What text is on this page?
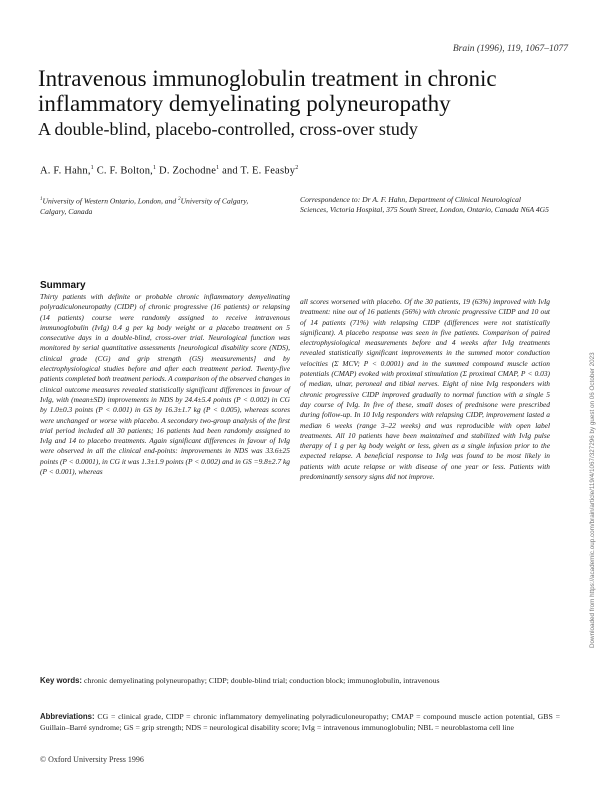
Brain (1996), 119, 1067–1077
Intravenous immunoglobulin treatment in chronic inflammatory demyelinating polyneuropathy
A double-blind, placebo-controlled, cross-over study
A. F. Hahn,$^1$ C. F. Bolton,$^1$ D. Zochodne$^1$ and T. E. Feasby$^2$
$^1$University of Western Ontario, London, and $^2$University of Calgary, Calgary, Canada
Correspondence to: Dr A. F. Hahn, Department of Clinical Neurological Sciences, Victoria Hospital, 375 South Street, London, Ontario, Canada N6A 4G5
Downloaded from https://academic.oup.com/brain/article/119/4/1067/327296 by guest on 06 October 2023
Summary

Thirty patients with definite or probable chronic inflammatory demyelinating polyradiculoneuropathy (CIDP) of chronic progressive (16 patients) or relapsing (14 patients) course were randomly assigned to receive intravenous immunoglobulin (IvIg) 0.4 g per kg body weight or a placebo treatment on 5 consecutive days in a double-blind, cross-over trial. Neurological function was monitored by serial quantitative assessments [neurological disability score (NDS), clinical grade (CG) and grip strength (GS) measurements] and by electrophysiological studies before and after each treatment period. Twenty-five patients completed both treatment periods. A comparison of the observed changes in clinical outcome measures revealed statistically significant differences in favour of IvIg, with (mean±SD) improvements in NDS by 24.4±5.4 points (P < 0.002) in CG by 1.0±0.3 points (P < 0.001) in GS by 16.3±1.7 kg (P < 0.005), whereas scores were unchanged or worse with placebo. A secondary two-group analysis of the first trial period included all 30 patients; 16 patients had been randomly assigned to IvIg and 14 to placebo treatments. Again significant differences in favour of IvIg were observed in all the clinical end-points: improvements in NDS was 33.6±25 points (P < 0.0001), in CG it was 1.3±1.9 points (P < 0.002) and in GS =9.8±2.7 kg (P < 0.001), whereas

all scores worsened with placebo. Of the 30 patients, 19 (63%) improved with IvIg treatment: nine out of 16 patients (56%) with chronic progressive CIDP and 10 out of 14 patients (71%) with relapsing CIDP (differences were not statistically significant). A placebo response was seen in five patients. Comparison of paired electrophysiological measurements before and 4 weeks after IvIg treatments revealed statistically significant improvements in the summed motor conduction velocities (Σ MCV; P < 0.0001) and in the summed compound muscle action potentials (CMAP) evoked with proximal stimulation (Σ proximal CMAP, P < 0.03) of median, ulnar, peroneal and tibial nerves. Eight of nine IvIg responders with chronic progressive CIDP improved gradually to normal function with a single 5 day course of IvIg. In five of these, small doses of prednisone were prescribed during follow-up. In 10 IvIg responders with relapsing CIDP, improvement lasted a median 6 weeks (range 3–22 weeks) and was reproducible with open label treatments. All 10 patients have been maintained and stabilized with IvIg pulse therapy of 1 g per kg body weight or less, given as a single infusion prior to the expected relapse. A beneficial response to IvIg was found to be most likely in patients with acute relapse or with disease of one year or less. Patients with predominantly sensory signs did not improve.

Key words: chronic demyelinating polyneuropathy; CIDP; double-blind trial; conduction block; immunoglobulin, intravenous

Abbreviations: CG = clinical grade, CIDP = chronic inflammatory demyelinating polyradiculoneuropathy; CMAP = compound muscle action potential, GBS = Guillain–Barré syndrome; GS = grip strength; NDS = neurological disability score; IvIg = intravenous immunoglobulin; NBL = neuroblastoma cell line

© Oxford University Press 1996
